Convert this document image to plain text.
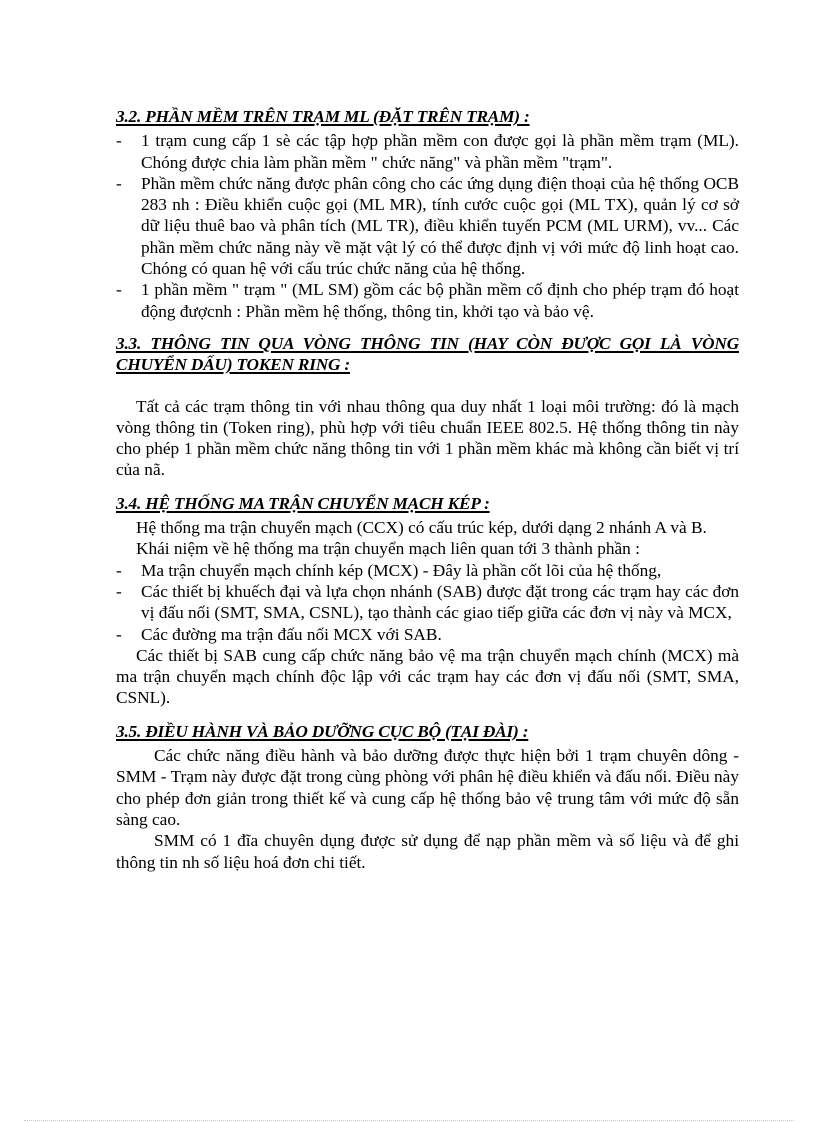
3.2. PHẦN MỀM TRÊN TRẠM ML (ĐẶT TRÊN TRẠM) :

- 1 trạm cung cấp 1 sè các tập hợp phần mềm con được gọi là phần mềm trạm (ML). Chóng được chia làm phần mềm " chức năng" và phần mềm "trạm".
- Phần mềm chức năng được phân công cho các ứng dụng điện thoại của hệ thống OCB 283 nh : Điều khiển cuộc gọi (ML MR), tính cước cuộc gọi (ML TX), quản lý cơ sở dữ liệu thuê bao và phân tích (ML TR), điều khiển tuyến PCM (ML URM), vv... Các phần mềm chức năng này về mặt vật lý có thể được định vị với mức độ linh hoạt cao. Chóng có quan hệ với cấu trúc chức năng của hệ thống.
- 1 phần mềm " trạm " (ML SM) gồm các bộ phần mềm cố định cho phép trạm đó hoạt động đượcnh : Phần mềm hệ thống, thông tin, khởi tạo và bảo vệ.

3.3. THÔNG TIN QUA VÒNG THÔNG TIN (HAY CÒN ĐƯỢC GỌI LÀ VÒNG CHUYỂN DẤU) TOKEN RING :

Tất cả các trạm thông tin với nhau thông qua duy nhất 1 loại môi trường: đó là mạch vòng thông tin (Token ring), phù hợp với tiêu chuẩn IEEE 802.5. Hệ thống thông tin này cho phép 1 phần mềm chức năng thông tin với 1 phần mềm khác mà không cần biết vị trí của nã.

3.4. HỆ THỐNG MA TRẬN CHUYỂN MẠCH KÉP :

Hệ thống ma trận chuyển mạch (CCX) có cấu trúc kép, dưới dạng 2 nhánh A và B.

Khái niệm về hệ thống ma trận chuyển mạch liên quan tới 3 thành phần :

- Ma trận chuyển mạch chính kép (MCX) - Đây là phần cốt lõi của hệ thống,
- Các thiết bị khuếch đại và lựa chọn nhánh (SAB) được đặt trong các trạm hay các đơn vị đấu nối (SMT, SMA, CSNL), tạo thành các giao tiếp giữa các đơn vị này và MCX,
- Các đường ma trận đấu nối MCX với SAB.

Các thiết bị SAB cung cấp chức năng bảo vệ ma trận chuyển mạch chính (MCX) mà ma trận chuyển mạch chính độc lập với các trạm hay các đơn vị đấu nối (SMT, SMA, CSNL).

3.5. ĐIỀU HÀNH VÀ BẢO DƯỠNG CỤC BỘ (TẠI ĐÀI) :

Các chức năng điều hành và bảo dưỡng được thực hiện bởi 1 trạm chuyên dông - SMM - Trạm này được đặt trong cùng phòng với phân hệ điều khiển và đấu nối. Điều này cho phép đơn giản trong thiết kế và cung cấp hệ thống bảo vệ trung tâm với mức độ sẵn sàng cao.

SMM có 1 đĩa chuyên dụng được sử dụng để nạp phần mềm và số liệu và để ghi thông tin nh số liệu hoá đơn chi tiết.
